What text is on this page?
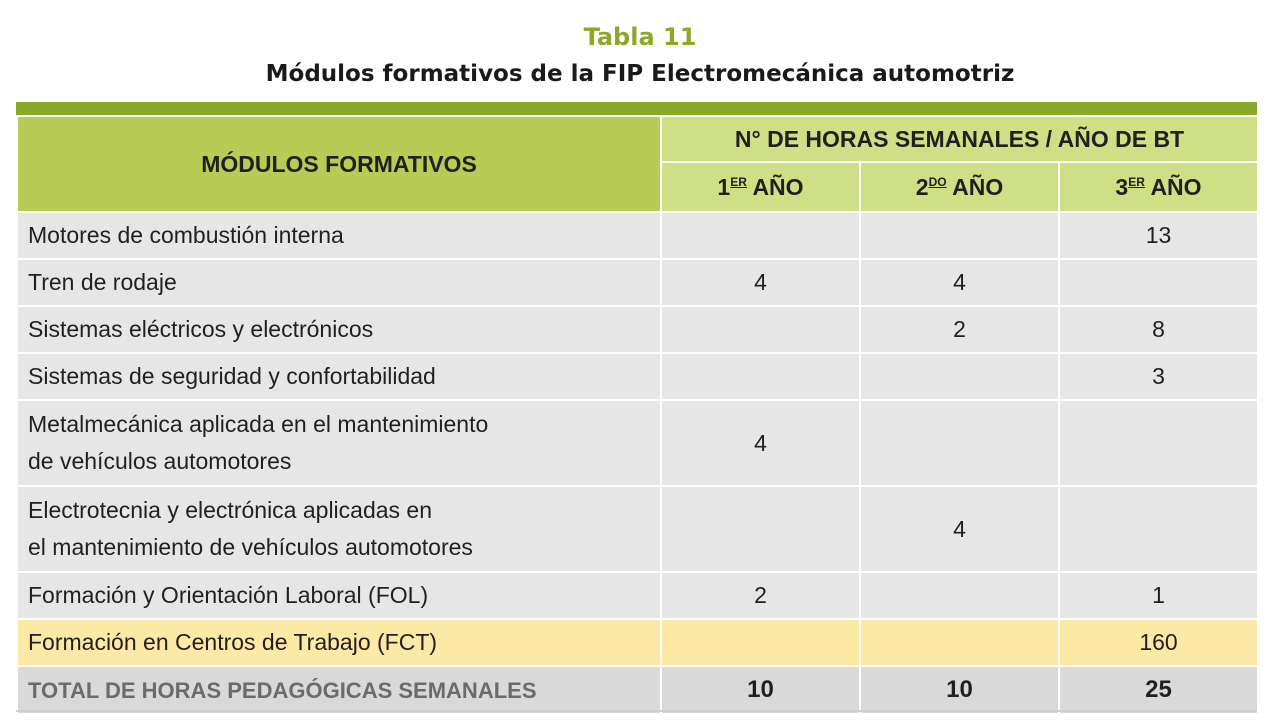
Tabla 11
Módulos formativos de la FIP Electromecánica automotriz
MÓDULOS FORMATIVOS	N° DE HORAS SEMANALES / AÑO DE BT		
	1ER AÑO	$2^{DO}$ AÑO	3ER AÑO
Motores de combustión interna			13
Tren de rodaje	4	4	
Sistemas eléctricos y electrónicos		2	8
Sistemas de seguridad y confortabilidad			3
Metalmecánica aplicada en el mantenimiento
de vehículos automotores	4		
Electrotecnia y electrónica aplicadas en
el mantenimiento de vehículos automotores		4	
Formación y Orientación Laboral (FOL)	2		1
Formación en Centros de Trabajo (FCT)			160
TOTAL DE HORAS PEDAGÓGICAS SEMANALES	10	10	25
